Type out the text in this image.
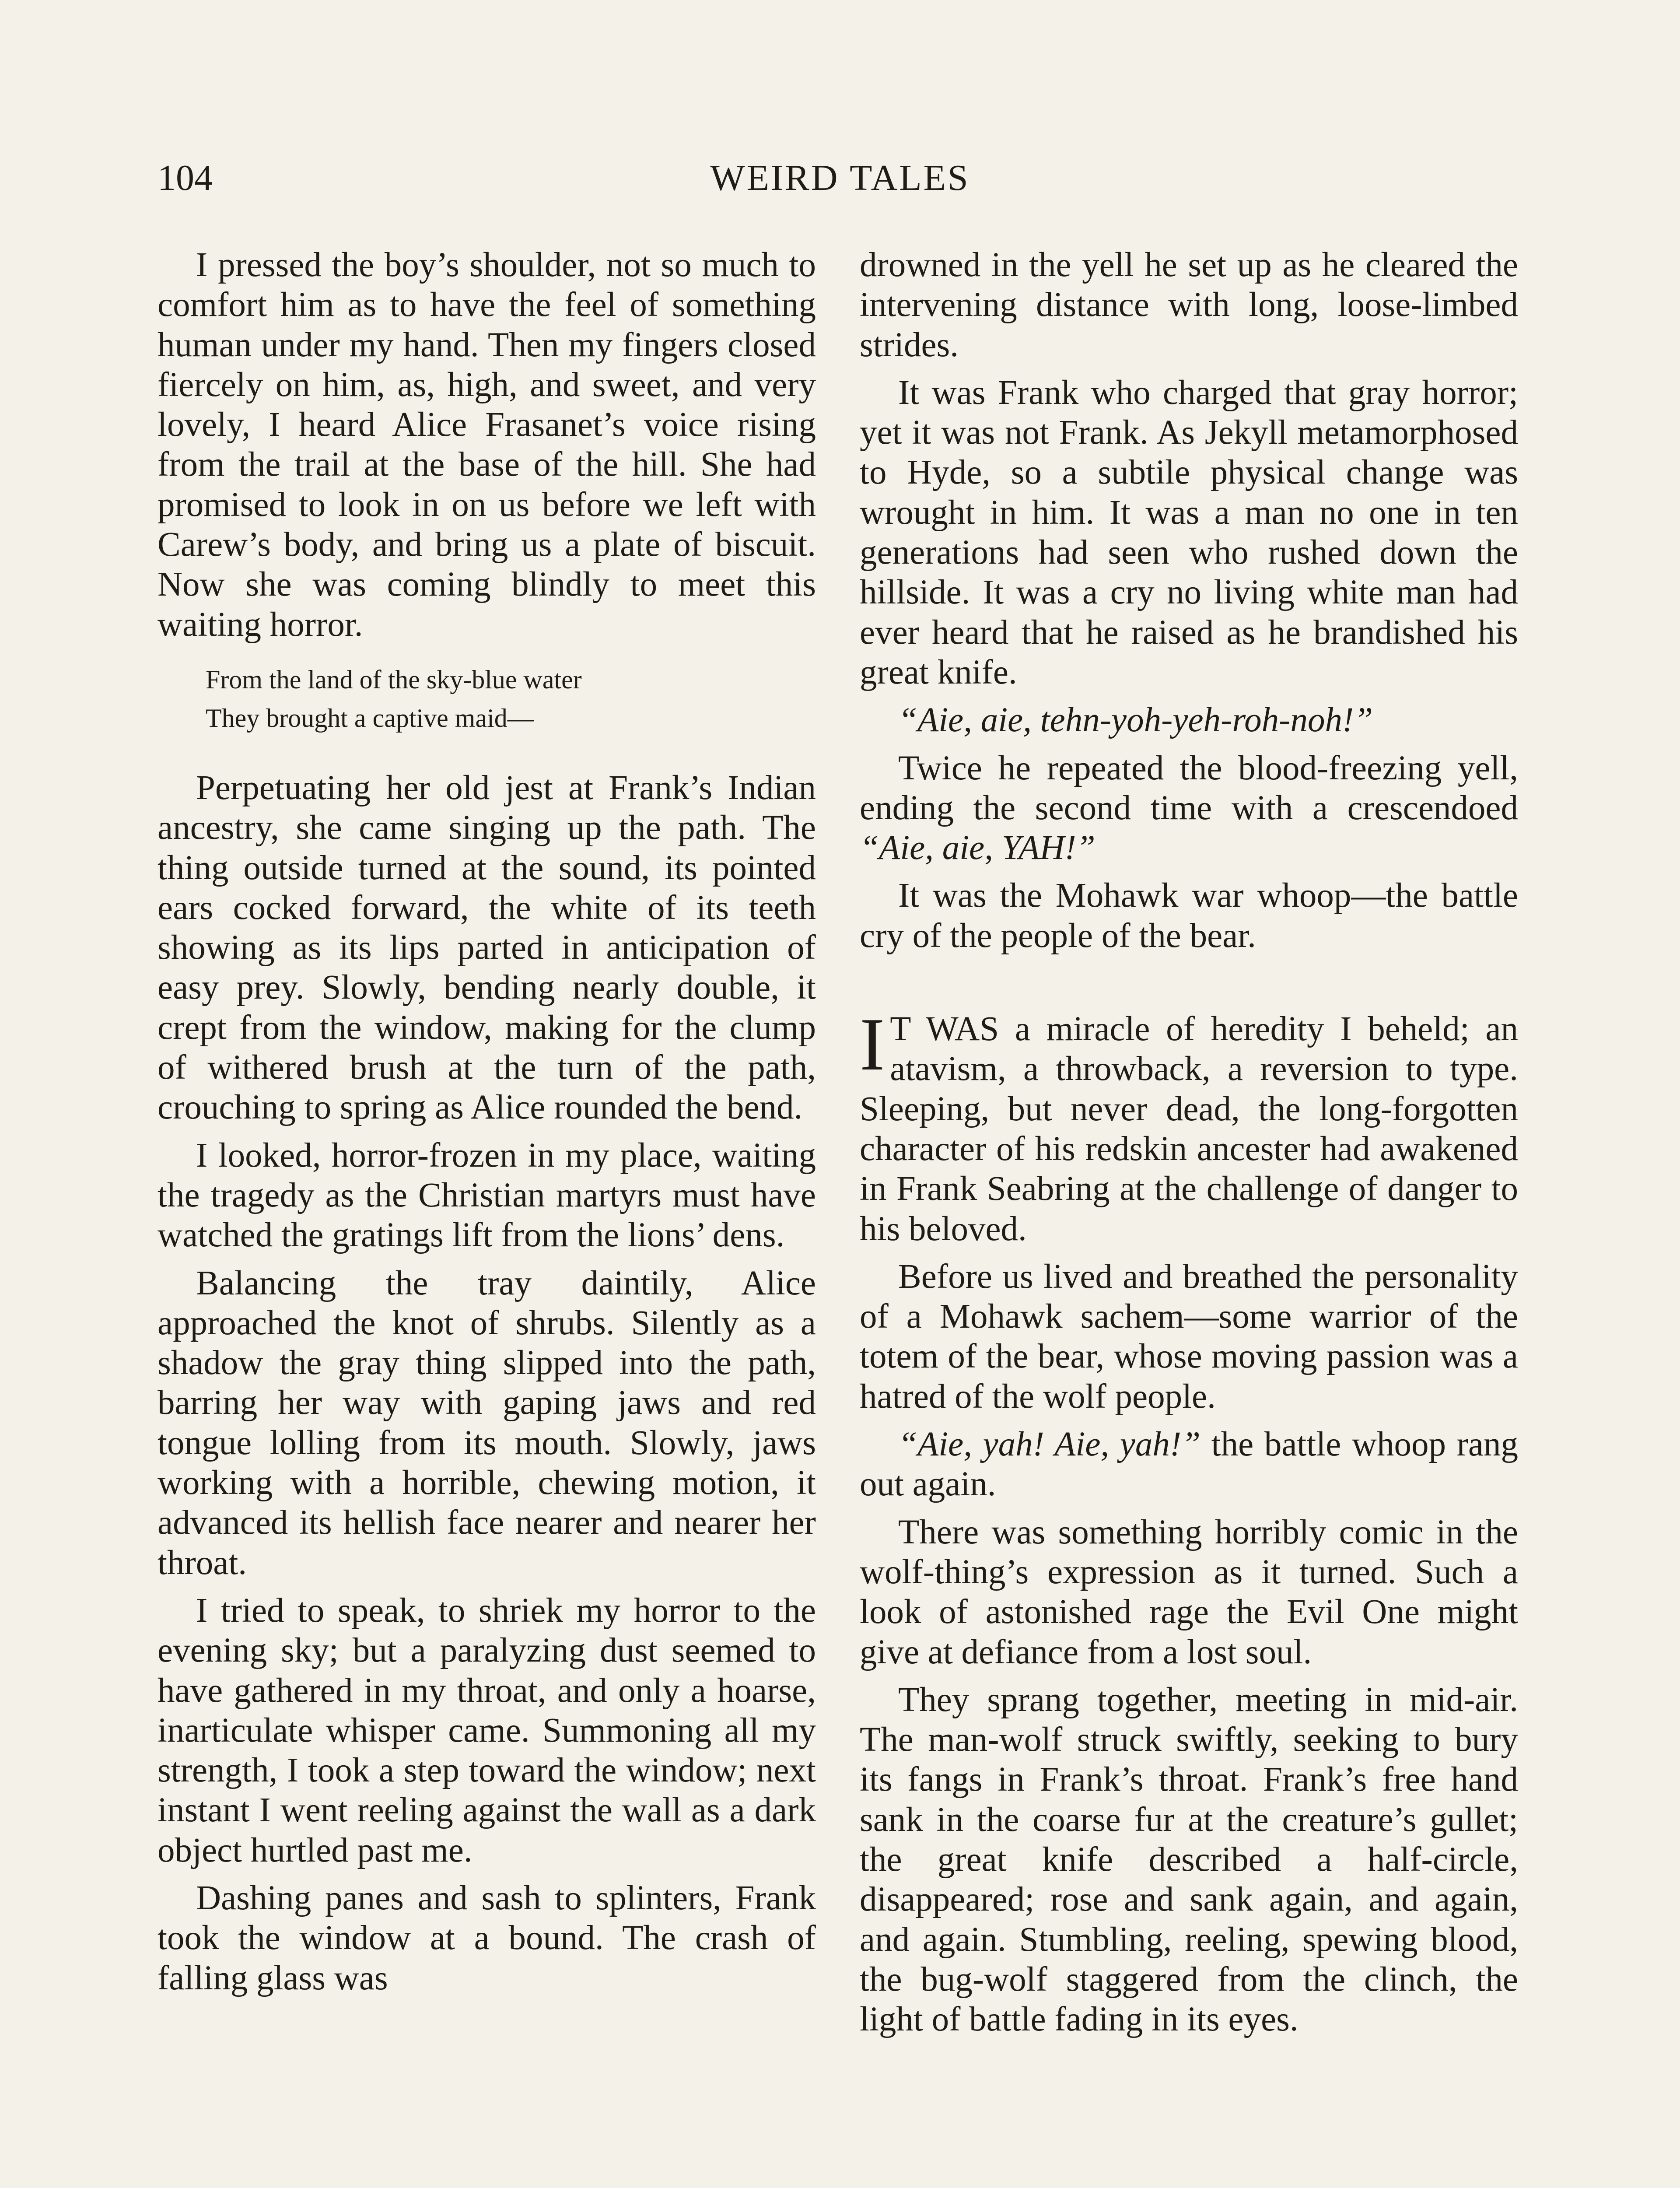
104	WEIRD TALES

I pressed the boy’s shoulder, not so much to comfort him as to have the feel of something human under my hand. Then my fingers closed fiercely on him, as, high, and sweet, and very lovely, I heard Alice Frasanet’s voice rising from the trail at the base of the hill. She had promised to look in on us before we left with Carew’s body, and bring us a plate of biscuit. Now she was coming blindly to meet this waiting horror.

From the land of the sky-blue water
They brought a captive maid—

Perpetuating her old jest at Frank’s Indian ancestry, she came singing up the path. The thing outside turned at the sound, its pointed ears cocked forward, the white of its teeth showing as its lips parted in anticipation of easy prey. Slowly, bending nearly double, it crept from the window, making for the clump of withered brush at the turn of the path, crouching to spring as Alice rounded the bend.

I looked, horror-frozen in my place, waiting the tragedy as the Christian martyrs must have watched the gratings lift from the lions’ dens.

Balancing the tray daintily, Alice approached the knot of shrubs. Silently as a shadow the gray thing slipped into the path, barring her way with gaping jaws and red tongue lolling from its mouth. Slowly, jaws working with a horrible, chewing motion, it advanced its hellish face nearer and nearer her throat.

I tried to speak, to shriek my horror to the evening sky; but a paralyzing dust seemed to have gathered in my throat, and only a hoarse, inarticulate whisper came. Summoning all my strength, I took a step toward the window; next instant I went reeling against the wall as a dark object hurtled past me.

Dashing panes and sash to splinters, Frank took the window at a bound. The crash of falling glass was

drowned in the yell he set up as he cleared the intervening distance with long, loose-limbed strides.

It was Frank who charged that gray horror; yet it was not Frank. As Jekyll metamorphosed to Hyde, so a subtile physical change was wrought in him. It was a man no one in ten generations had seen who rushed down the hillside. It was a cry no living white man had ever heard that he raised as he brandished his great knife.

“Aie, aie, tehn-yoh-yeh-roh-noh!”

Twice he repeated the blood-freezing yell, ending the second time with a crescendoed “Aie, aie, YAH!”

It was the Mohawk war whoop—the battle cry of the people of the bear.

I T WAS a miracle of heredity I beheld; an atavism, a throwback, a reversion to type. Sleeping, but never dead, the long-forgotten character of his redskin ancester had awakened in Frank Seabring at the challenge of danger to his beloved.

Before us lived and breathed the personality of a Mohawk sachem—some warrior of the totem of the bear, whose moving passion was a hatred of the wolf people.

“Aie, yah! Aie, yah!” the battle whoop rang out again.

There was something horribly comic in the wolf-thing’s expression as it turned. Such a look of astonished rage the Evil One might give at defiance from a lost soul.

They sprang together, meeting in mid-air. The man-wolf struck swiftly, seeking to bury its fangs in Frank’s throat. Frank’s free hand sank in the coarse fur at the creature’s gullet; the great knife described a half-circle, disappeared; rose and sank again, and again, and again. Stumbling, reeling, spewing blood, the bug-wolf staggered from the clinch, the light of battle fading in its eyes.
